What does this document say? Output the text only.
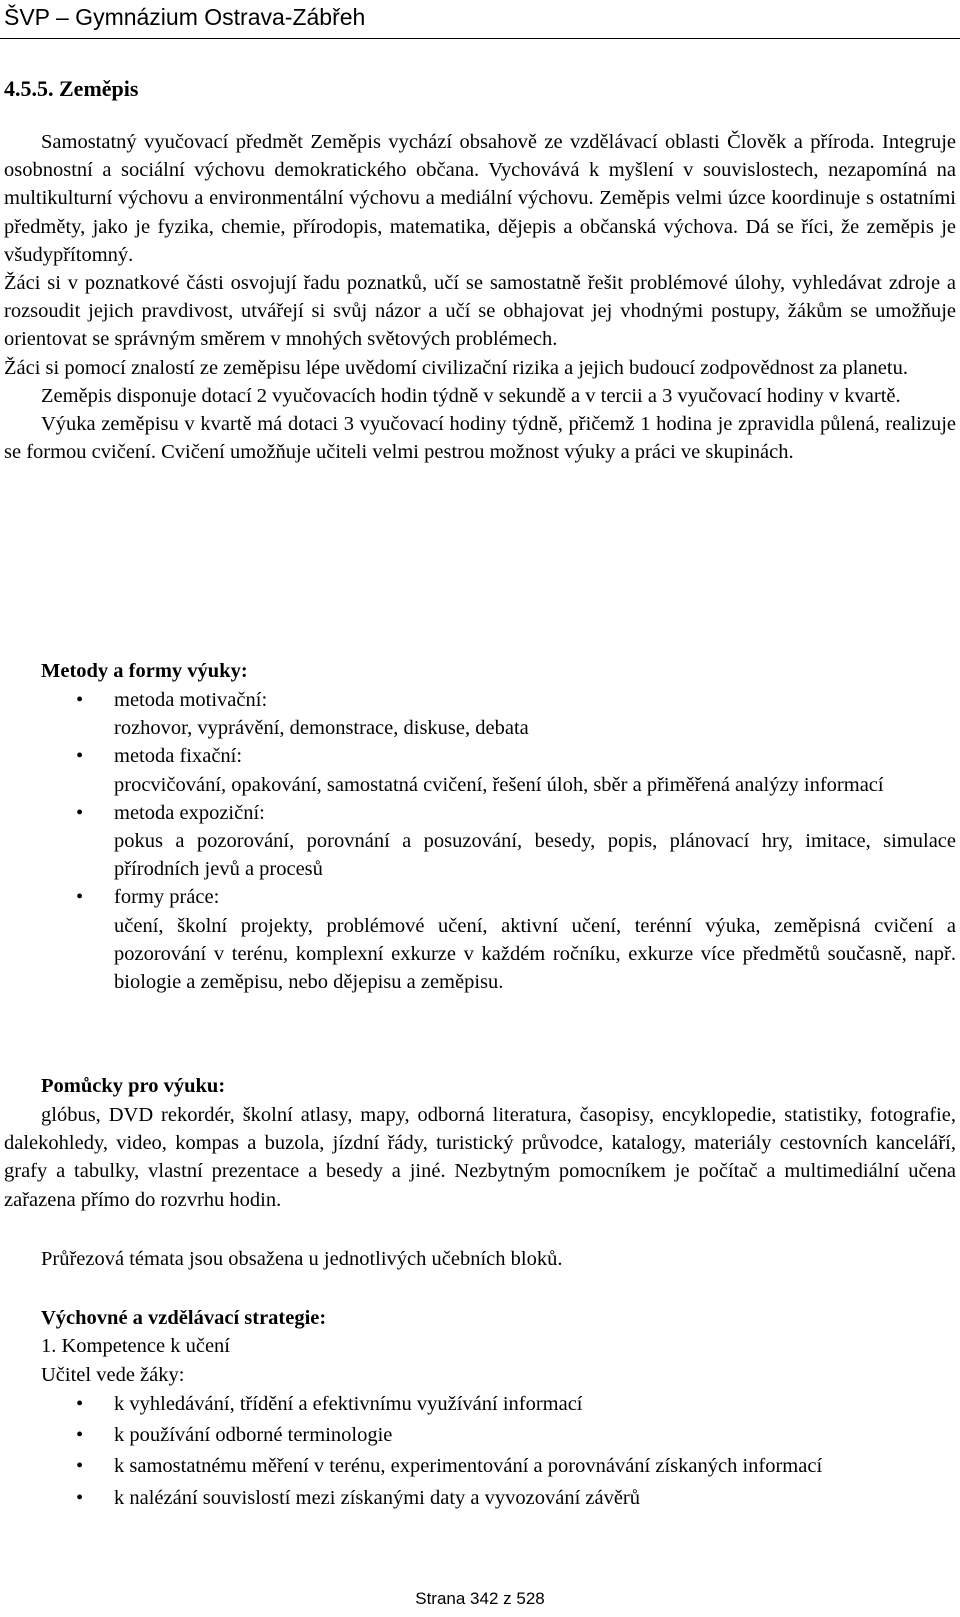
ŠVP – Gymnázium Ostrava-Zábřeh
4.5.5. Zeměpis

Samostatný vyučovací předmět Zeměpis vychází obsahově ze vzdělávací oblasti Člověk a příroda. Integruje osobnostní a sociální výchovu demokratického občana. Vychovává k myšlení v souvislostech, nezapomíná na multikulturní výchovu a environmentální výchovu a mediální výchovu. Zeměpis velmi úzce koordinuje s ostatními předměty, jako je fyzika, chemie, přírodopis, matematika, dějepis a občanská výchova. Dá se říci, že zeměpis je všudypřítomný.

Žáci si v poznatkové části osvojují řadu poznatků, učí se samostatně řešit problémové úlohy, vyhledávat zdroje a rozsoudit jejich pravdivost, utvářejí si svůj názor a učí se obhajovat jej vhodnými postupy, žákům se umožňuje orientovat se správným směrem v mnohých světových problémech.

Žáci si pomocí znalostí ze zeměpisu lépe uvědomí civilizační rizika a jejich budoucí zodpovědnost za planetu.

Zeměpis disponuje dotací 2 vyučovacích hodin týdně v sekundě a v tercii a 3 vyučovací hodiny v kvartě.

Výuka zeměpisu v kvartě má dotaci 3 vyučovací hodiny týdně, přičemž 1 hodina je zpravidla půlená, realizuje se formou cvičení. Cvičení umožňuje učiteli velmi pestrou možnost výuky a práci ve skupinách.

Metody a formy výuky:
• metoda motivační:
rozhovor, vyprávění, demonstrace, diskuse, debata
• metoda fixační:
procvičování, opakování, samostatná cvičení, řešení úloh, sběr a přiměřená analýzy informací
• metoda expoziční:
pokus a pozorování, porovnání a posuzování, besedy, popis, plánovací hry, imitace, simulace přírodních jevů a procesů
• formy práce:
učení, školní projekty, problémové učení, aktivní učení, terénní výuka, zeměpisná cvičení a pozorování v terénu, komplexní exkurze v každém ročníku, exkurze více předmětů současně, např. biologie a zeměpisu, nebo dějepisu a zeměpisu.
Pomůcky pro výuku:

glóbus, DVD rekordér, školní atlasy, mapy, odborná literatura, časopisy, encyklopedie, statistiky, fotografie, dalekohledy, video, kompas a buzola, jízdní řády, turistický průvodce, katalogy, materiály cestovních kanceláří, grafy a tabulky, vlastní prezentace a besedy a jiné. Nezbytným pomocníkem je počítač a multimediální učena zařazena přímo do rozvrhu hodin.

Průřezová témata jsou obsažena u jednotlivých učebních bloků.

Výchovné a vzdělávací strategie:
1. Kompetence k učení
Učitel vede žáky:
• k vyhledávání, třídění a efektivnímu využívání informací
• k používání odborné terminologie
• k samostatnému měření v terénu, experimentování a porovnávání získaných informací
• k nalézání souvislostí mezi získanými daty a vyvozování závěrů
Strana 342 z 528
